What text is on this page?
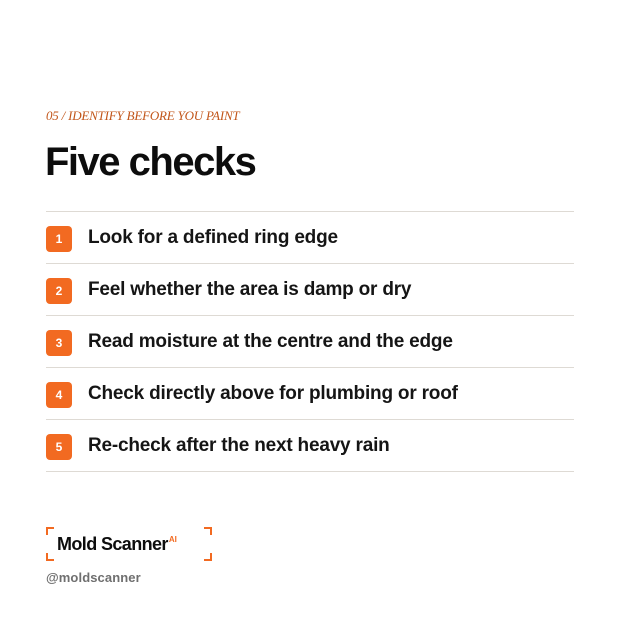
05 / IDENTIFY BEFORE YOU PAINT
Five checks
1	Look for a defined ring edge
2	Feel whether the area is damp or dry
3	Read moisture at the centre and the edge
4	Check directly above for plumbing or roof
5	Re-check after the next heavy rain
Mold Scanner$^{AI}$
@moldscanner
